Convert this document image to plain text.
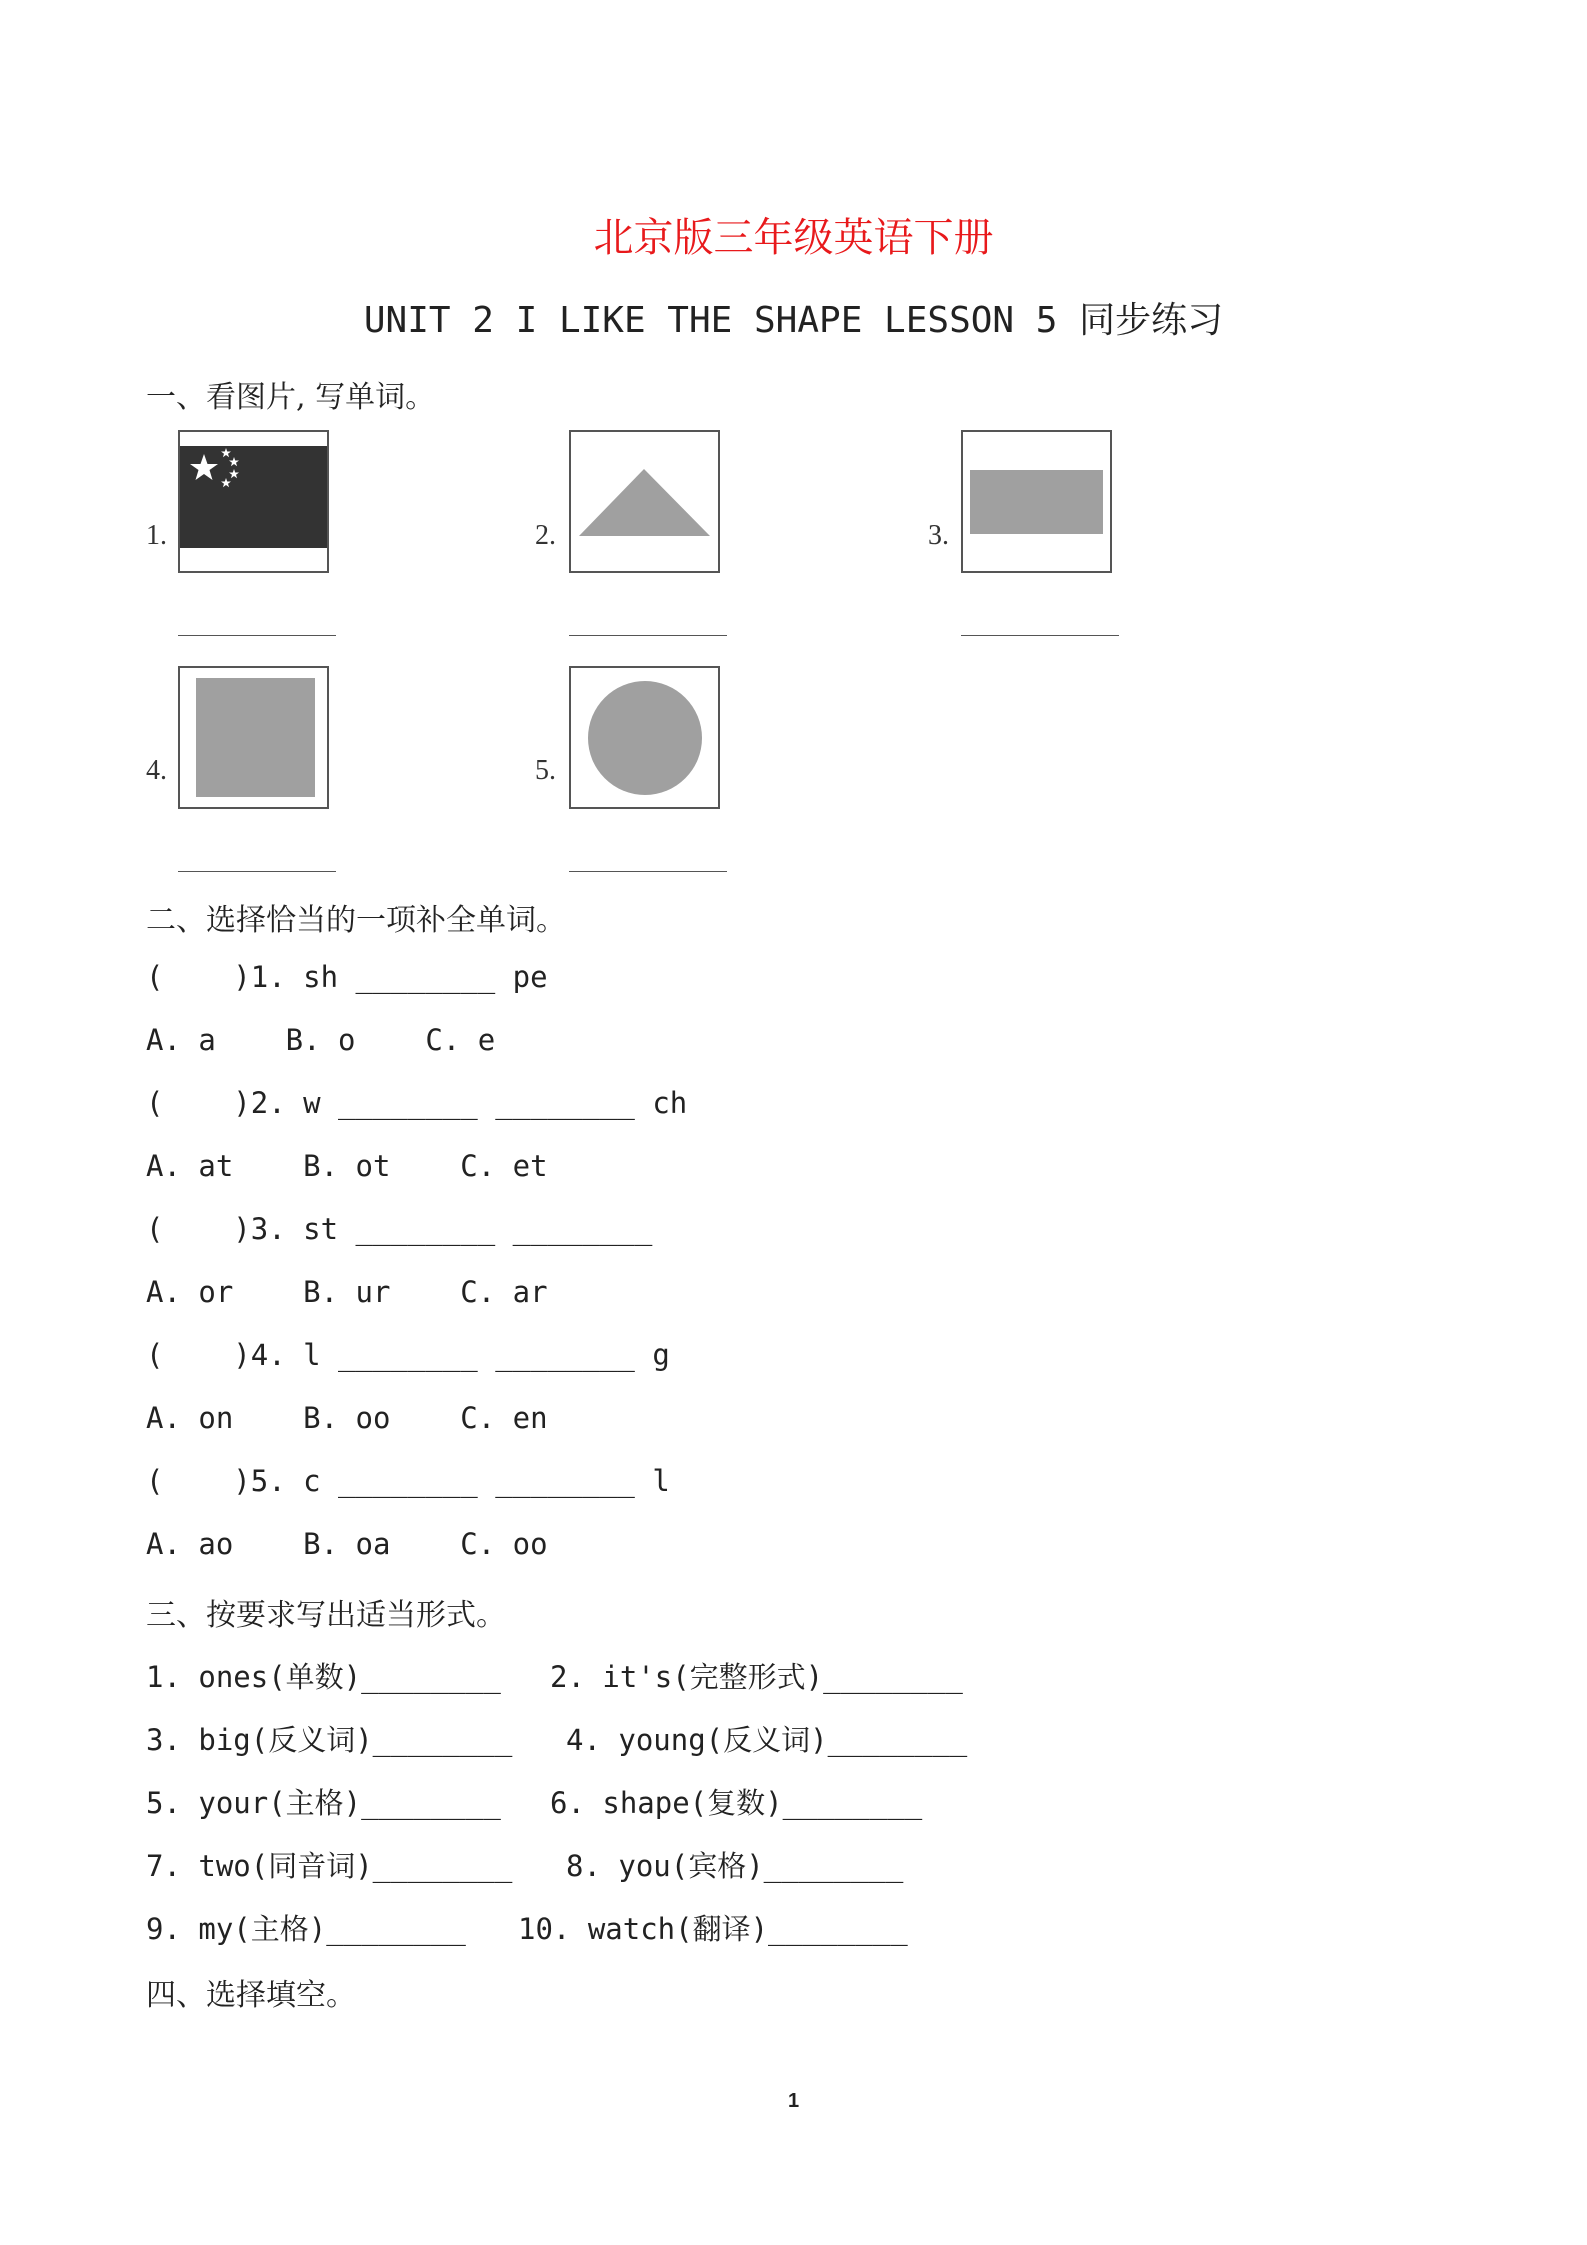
北京版三年级英语下册
UNIT 2 I LIKE THE SHAPE LESSON 5 同步练习
一、看图片, 写单词。
1.	2.	3.
4.	5.
二、选择恰当的一项补全单词。
(    )1. sh ________ pe
A. a    B. o    C. e
(    )2. w ________ ________ ch
A. at    B. ot    C. et
(    )3. st ________ ________
A. or    B. ur    C. ar
(    )4. l ________ ________ g
A. on    B. oo    C. en
(    )5. c ________ ________ l
A. ao    B. oa    C. oo
三、按要求写出适当形式。
1. ones(单数)________ 2. it's(完整形式)________
3. big(反义词)________ 4. young(反义词)________
5. your(主格)________ 6. shape(复数)________
7. two(同音词)________ 8. you(宾格)________
9. my(主格)________ 10. watch(翻译)________
四、选择填空。
1
